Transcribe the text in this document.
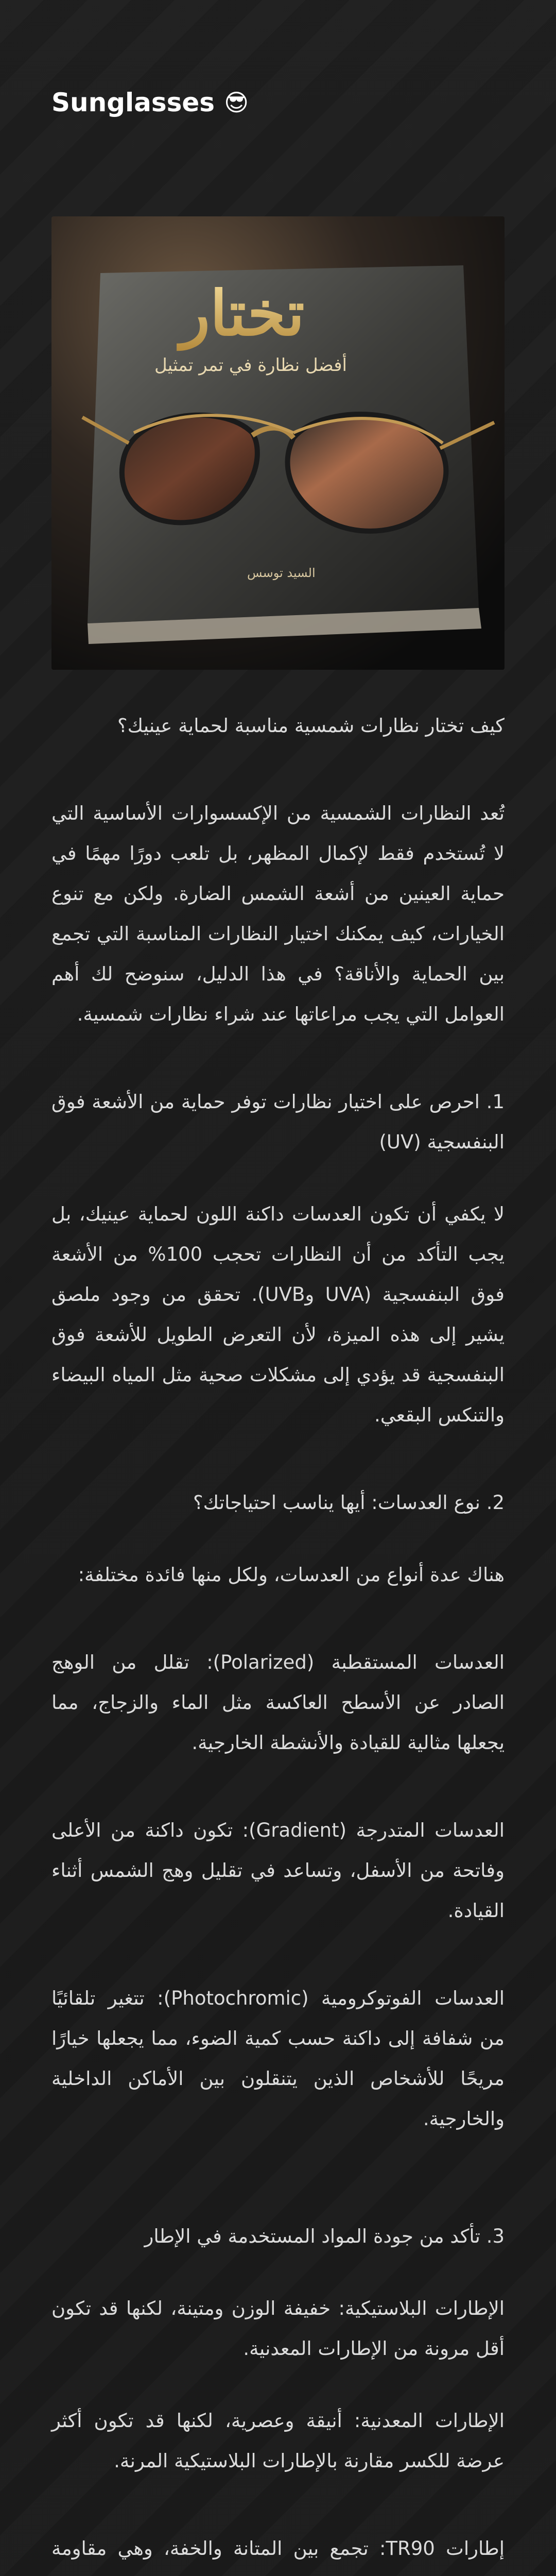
Sunglasses 😎
تختار
أفضل نظارة في تمر تمثيل
السيد توسس

كيف تختار نظارات شمسية مناسبة لحماية عينيك؟

تُعد النظارات الشمسية من الإكسسوارات الأساسية التي لا تُستخدم فقط لإكمال المظهر، بل تلعب دورًا مهمًا في حماية العينين من أشعة الشمس الضارة. ولكن مع تنوع الخيارات، كيف يمكنك اختيار النظارات المناسبة التي تجمع بين الحماية والأناقة؟ في هذا الدليل، سنوضح لك أهم العوامل التي يجب مراعاتها عند شراء نظارات شمسية.

1. احرص على اختيار نظارات توفر حماية من الأشعة فوق البنفسجية (UV)

لا يكفي أن تكون العدسات داكنة اللون لحماية عينيك، بل يجب التأكد من أن النظارات تحجب 100% من الأشعة فوق البنفسجية (UVA وUVB). تحقق من وجود ملصق يشير إلى هذه الميزة، لأن التعرض الطويل للأشعة فوق البنفسجية قد يؤدي إلى مشكلات صحية مثل المياه البيضاء والتنكس البقعي.

2. نوع العدسات: أيها يناسب احتياجاتك؟

هناك عدة أنواع من العدسات، ولكل منها فائدة مختلفة:

العدسات المستقطبة (Polarized): تقلل من الوهج الصادر عن الأسطح العاكسة مثل الماء والزجاج، مما يجعلها مثالية للقيادة والأنشطة الخارجية.

العدسات المتدرجة (Gradient): تكون داكنة من الأعلى وفاتحة من الأسفل، وتساعد في تقليل وهج الشمس أثناء القيادة.

العدسات الفوتوكرومية (Photochromic): تتغير تلقائيًا من شفافة إلى داكنة حسب كمية الضوء، مما يجعلها خيارًا مريحًا للأشخاص الذين يتنقلون بين الأماكن الداخلية والخارجية.

3. تأكد من جودة المواد المستخدمة في الإطار

الإطارات البلاستيكية: خفيفة الوزن ومتينة، لكنها قد تكون أقل مرونة من الإطارات المعدنية.

الإطارات المعدنية: أنيقة وعصرية، لكنها قد تكون أكثر عرضة للكسر مقارنة بالإطارات البلاستيكية المرنة.

إطارات TR90: تجمع بين المتانة والخفة، وهي مقاومة
